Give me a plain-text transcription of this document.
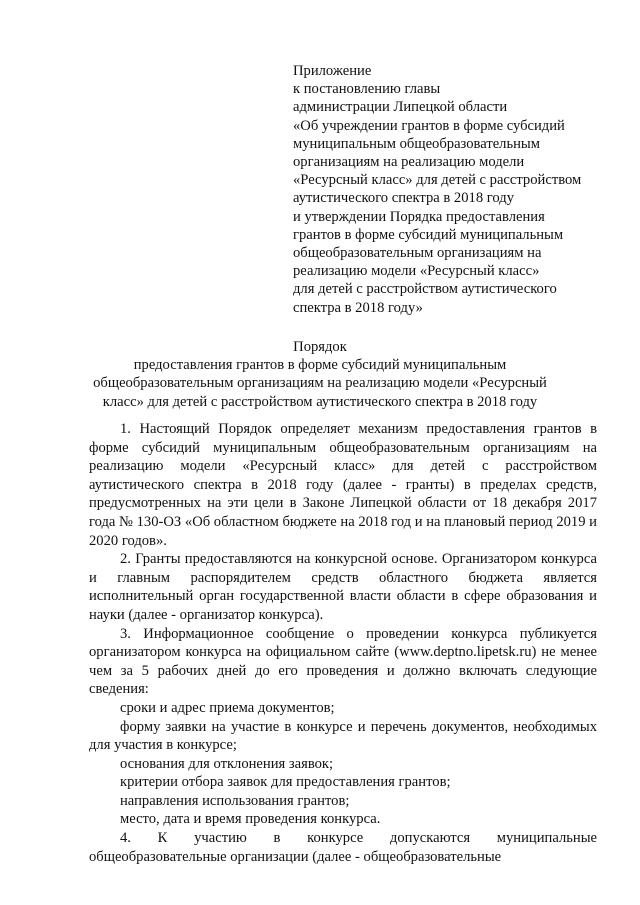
Приложение
к постановлению главы
администрации Липецкой области
«Об учреждении грантов в форме субсидий
муниципальным общеобразовательным
организациям на реализацию модели
«Ресурсный класс» для детей с расстройством
аутистического спектра в 2018 году
и утверждении Порядка предоставления
грантов в форме субсидий муниципальным
общеобразовательным организациям на
реализацию модели «Ресурсный класс»
для детей с расстройством аутистического
спектра в 2018 году»
Порядок
предоставления грантов в форме субсидий муниципальным
общеобразовательным организациям на реализацию модели «Ресурсный
класс» для детей с расстройством аутистического спектра в 2018 году

1. Настоящий Порядок определяет механизм предоставления грантов в форме субсидий муниципальным общеобразовательным организациям на реализацию модели «Ресурсный класс» для детей с расстройством аутистического спектра в 2018 году (далее - гранты) в пределах средств, предусмотренных на эти цели в Законе Липецкой области от 18 декабря 2017 года № 130-ОЗ «Об областном бюджете на 2018 год и на плановый период 2019 и 2020 годов».

2. Гранты предоставляются на конкурсной основе. Организатором конкурса и главным распорядителем средств областного бюджета является исполнительный орган государственной власти области в сфере образования и науки (далее - организатор конкурса).

3. Информационное сообщение о проведении конкурса публикуется организатором конкурса на официальном сайте (www.deptno.lipetsk.ru) не менее чем за 5 рабочих дней до его проведения и должно включать следующие сведения:

сроки и адрес приема документов;

форму заявки на участие в конкурсе и перечень документов, необходимых для участия в конкурсе;

основания для отклонения заявок;

критерии отбора заявок для предоставления грантов;

направления использования грантов;

место, дата и время проведения конкурса.

4. К участию в конкурсе допускаются муниципальные общеобразовательные организации (далее - общеобразовательные
